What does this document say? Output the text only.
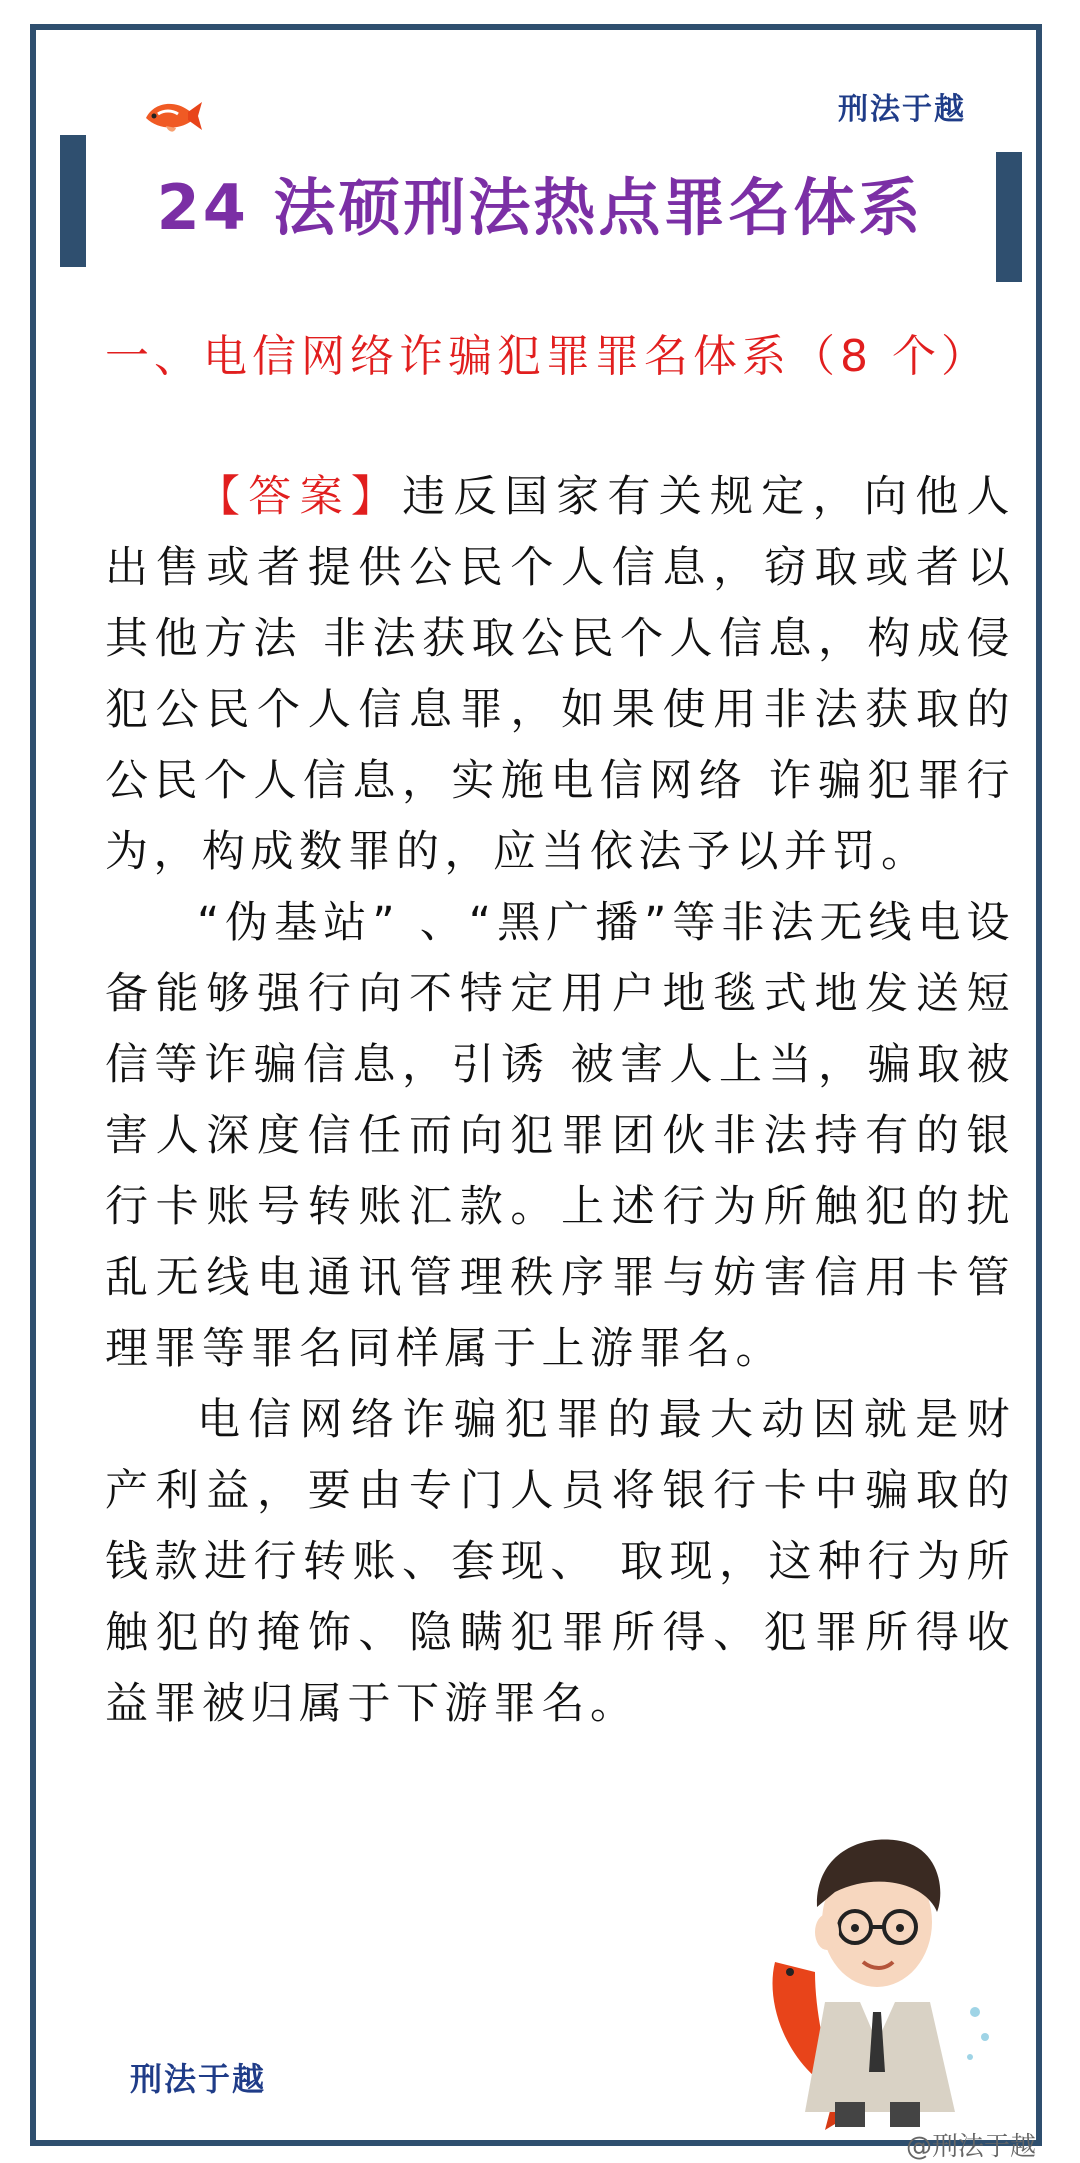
刑法于越
24 法硕刑法热点罪名体系
一、电信网络诈骗犯罪罪名体系（8 个）

【答案】违反国家有关规定，向他人出售或者提供公民个人信息，窃取或者以其他方法 非法获取公民个人信息，构成侵犯公民个人信息罪，如果使用非法获取的公民个人信息，实施电信网络 诈骗犯罪行为，构成数罪的，应当依法予以并罚。

“伪基站” 、“黑广播”等非法无线电设备能够强行向不特定用户地毯式地发送短信等诈骗信息，引诱 被害人上当，骗取被害人深度信任而向犯罪团伙非法持有的银行卡账号转账汇款。上述行为所触犯的扰 乱无线电通讯管理秩序罪与妨害信用卡管理罪等罪名同样属于上游罪名。

电信网络诈骗犯罪的最大动因就是财产利益，要由专门人员将银行卡中骗取的钱款进行转账、套现、 取现，这种行为所触犯的掩饰、隐瞒犯罪所得、犯罪所得收益罪被归属于下游罪名。

刑法于越
@刑法于越
